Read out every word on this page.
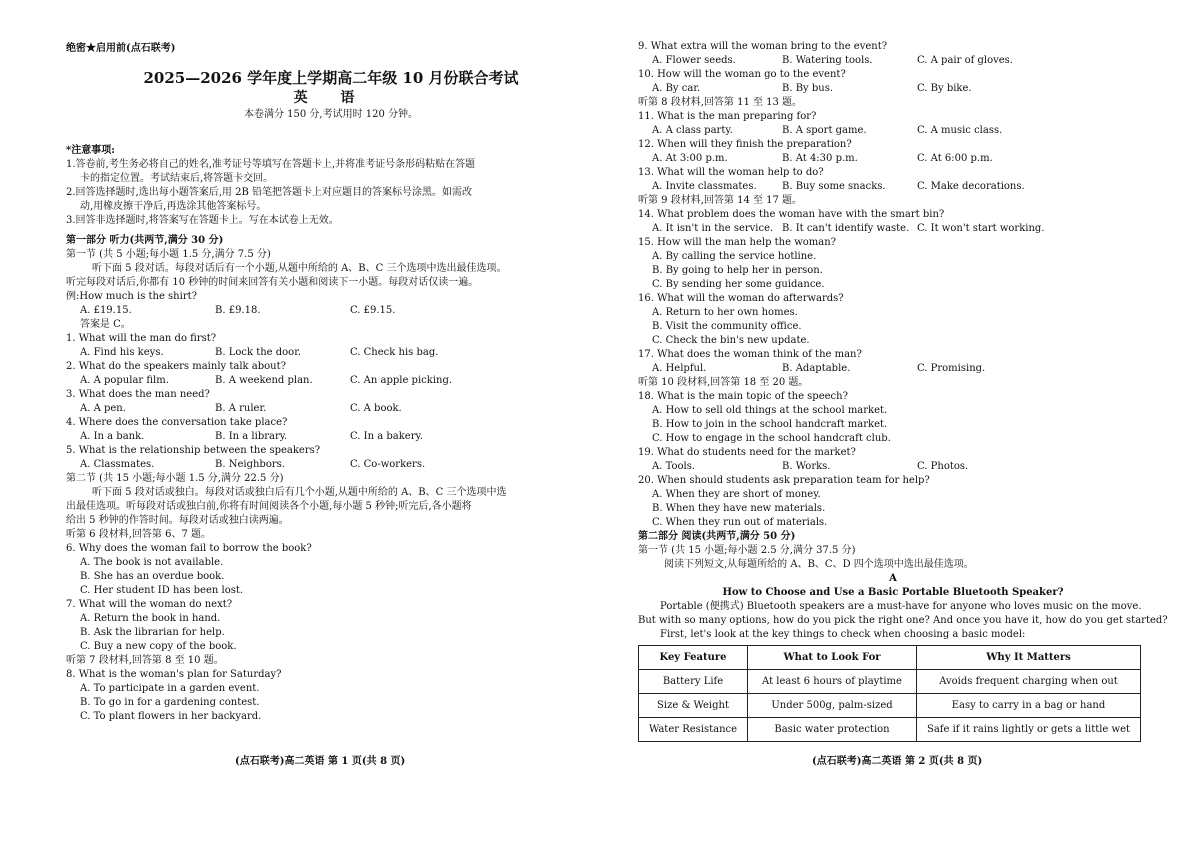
绝密★启用前(点石联考)
2025—2026 学年度上学期高二年级 10 月份联合考试
英 语
本卷满分 150 分,考试用时 120 分钟。
*注意事项:
1.答卷前,考生务必将自己的姓名,准考证号等填写在答题卡上,并将准考证号条形码粘贴在答题
卡的指定位置。考试结束后,将答题卡交回。
2.回答选择题时,选出每小题答案后,用 2B 铅笔把答题卡上对应题目的答案标号涂黑。如需改
动,用橡皮擦干净后,再选涂其他答案标号。
3.回答非选择题时,将答案写在答题卡上。写在本试卷上无效。
第一部分 听力(共两节,满分 30 分)
第一节 (共 5 小题;每小题 1.5 分,满分 7.5 分)
听下面 5 段对话。每段对话后有一个小题,从题中所给的 A、B、C 三个选项中选出最佳选项。
听完每段对话后,你都有 10 秒钟的时间来回答有关小题和阅读下一小题。每段对话仅读一遍。
例:How much is the shirt?
A. £19.15.	B. £9.18.	C. £9.15.
答案是 C。
1. What will the man do first?
A. Find his keys.	B. Lock the door.	C. Check his bag.
2. What do the speakers mainly talk about?
A. A popular film.	B. A weekend plan.	C. An apple picking.
3. What does the man need?
A. A pen.	B. A ruler.	C. A book.
4. Where does the conversation take place?
A. In a bank.	B. In a library.	C. In a bakery.
5. What is the relationship between the speakers?
A. Classmates.	B. Neighbors.	C. Co-workers.
第二节 (共 15 小题;每小题 1.5 分,满分 22.5 分)
听下面 5 段对话或独白。每段对话或独白后有几个小题,从题中所给的 A、B、C 三个选项中选
出最佳选项。听每段对话或独白前,你将有时间阅读各个小题,每小题 5 秒钟;听完后,各小题将
给出 5 秒钟的作答时间。每段对话或独白读两遍。
听第 6 段材料,回答第 6、7 题。
6. Why does the woman fail to borrow the book?
A. The book is not available.
B. She has an overdue book.
C. Her student ID has been lost.
7. What will the woman do next?
A. Return the book in hand.
B. Ask the librarian for help.
C. Buy a new copy of the book.
听第 7 段材料,回答第 8 至 10 题。
8. What is the woman's plan for Saturday?
A. To participate in a garden event.
B. To go in for a gardening contest.
C. To plant flowers in her backyard.
(点石联考)高二英语 第 1 页(共 8 页)
9. What extra will the woman bring to the event?
A. Flower seeds.	B. Watering tools.	C. A pair of gloves.
10. How will the woman go to the event?
A. By car.	B. By bus.	C. By bike.
听第 8 段材料,回答第 11 至 13 题。
11. What is the man preparing for?
A. A class party.	B. A sport game.	C. A music class.
12. When will they finish the preparation?
A. At 3:00 p.m.	B. At 4:30 p.m.	C. At 6:00 p.m.
13. What will the woman help to do?
A. Invite classmates.	B. Buy some snacks.	C. Make decorations.
听第 9 段材料,回答第 14 至 17 题。
14. What problem does the woman have with the smart bin?
A. It isn't in the service. B. It can't identify waste. C. It won't start working.
15. How will the man help the woman?
A. By calling the service hotline.
B. By going to help her in person.
C. By sending her some guidance.
16. What will the woman do afterwards?
A. Return to her own homes.
B. Visit the community office.
C. Check the bin's new update.
17. What does the woman think of the man?
A. Helpful.	B. Adaptable.	C. Promising.
听第 10 段材料,回答第 18 至 20 题。
18. What is the main topic of the speech?
A. How to sell old things at the school market.
B. How to join in the school handcraft market.
C. How to engage in the school handcraft club.
19. What do students need for the market?
A. Tools.	B. Works.	C. Photos.
20. When should students ask preparation team for help?
A. When they are short of money.
B. When they have new materials.
C. When they run out of materials.
第二部分 阅读(共两节,满分 50 分)
第一节 (共 15 小题;每小题 2.5 分,满分 37.5 分)
阅读下列短文,从每题所给的 A、B、C、D 四个选项中选出最佳选项。
A
How to Choose and Use a Basic Portable Bluetooth Speaker?
Portable (便携式) Bluetooth speakers are a must-have for anyone who loves music on the move.
But with so many options, how do you pick the right one? And once you have it, how do you get started?
First, let's look at the key things to check when choosing a basic model:
Key Feature	What to Look For	Why It Matters
Battery Life	At least 6 hours of playtime	Avoids frequent charging when out
Size & Weight	Under 500g, palm-sized	Easy to carry in a bag or hand
Water Resistance	Basic water protection	Safe if it rains lightly or gets a little wet
(点石联考)高二英语 第 2 页(共 8 页)
